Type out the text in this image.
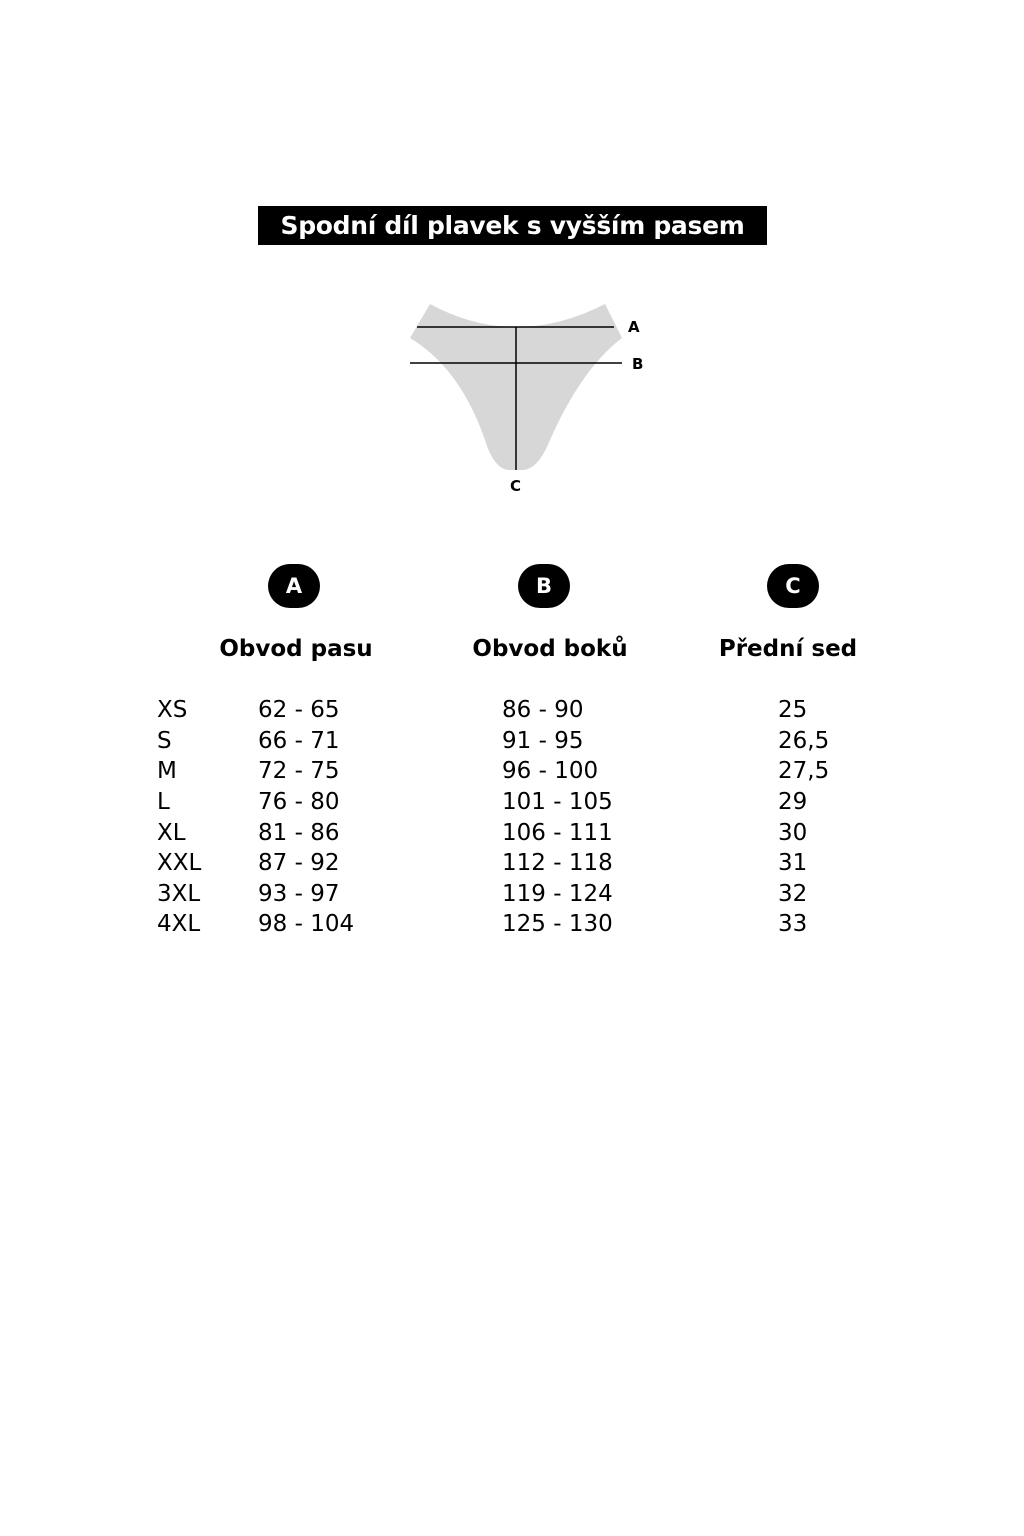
Spodní díl plavek s vyšším pasem
A
B
C
A	B	C
Obvod pasu	Obvod boků	Přední sed
XS	62 - 65	86 - 90	25
S	66 - 71	91 - 95	26,5
M	72 - 75	96 - 100	27,5
L	76 - 80	101 - 105	29
XL	81 - 86	106 - 111	30
XXL 87 - 92	112 - 118	31
3XL	93 - 97	119 - 124	32
4XL	98 - 104	125 - 130	33
